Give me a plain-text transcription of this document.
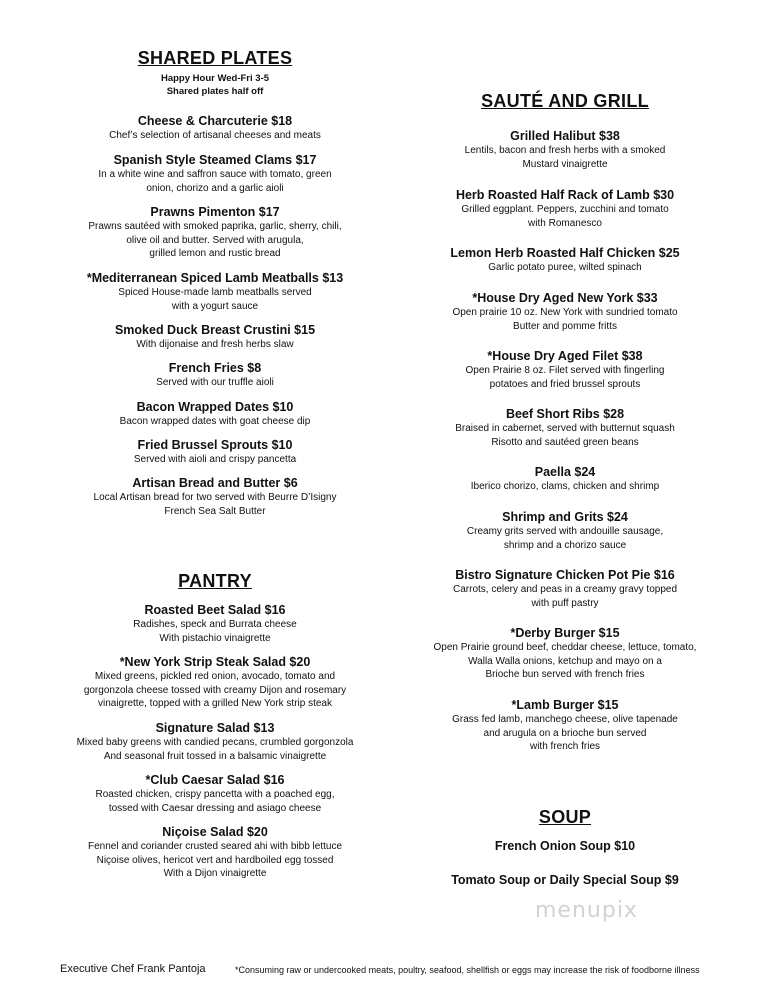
SHARED PLATES
Happy Hour Wed-Fri 3-5
Shared plates half off
Cheese & Charcuterie $18
Chef’s selection of artisanal cheeses and meats
Spanish Style Steamed Clams $17
In a white wine and saffron sauce with tomato, green
onion, chorizo and a garlic aioli
Prawns Pimenton $17
Prawns sautéed with smoked paprika, garlic, sherry, chili,
olive oil and butter. Served with arugula,
grilled lemon and rustic bread
*Mediterranean Spiced Lamb Meatballs $13
Spiced House-made lamb meatballs served
with a yogurt sauce
Smoked Duck Breast Crustini $15
With dijonaise and fresh herbs slaw
French Fries $8
Served with our truffle aioli
Bacon Wrapped Dates $10
Bacon wrapped dates with goat cheese dip
Fried Brussel Sprouts $10
Served with aioli and crispy pancetta
Artisan Bread and Butter $6
Local Artisan bread for two served with Beurre D’Isigny
French Sea Salt Butter
PANTRY
Roasted Beet Salad $16
Radishes, speck and Burrata cheese
With pistachio vinaigrette
*New York Strip Steak Salad $20
Mixed greens, pickled red onion, avocado, tomato and
gorgonzola cheese tossed with creamy Dijon and rosemary
vinaigrette, topped with a grilled New York strip steak
Signature Salad $13
Mixed baby greens with candied pecans, crumbled gorgonzola
And seasonal fruit tossed in a balsamic vinaigrette
*Club Caesar Salad $16
Roasted chicken, crispy pancetta with a poached egg,
tossed with Caesar dressing and asiago cheese
Niçoise Salad $20
Fennel and coriander crusted seared ahi with bibb lettuce
Niçoise olives, hericot vert and hardboiled egg tossed
With a Dijon vinaigrette
SAUTÉ AND GRILL
Grilled Halibut $38
Lentils, bacon and fresh herbs with a smoked
Mustard vinaigrette
Herb Roasted Half Rack of Lamb $30
Grilled eggplant. Peppers, zucchini and tomato
with Romanesco
Lemon Herb Roasted Half Chicken $25
Garlic potato puree, wilted spinach
*House Dry Aged New York $33
Open prairie 10 oz. New York with sundried tomato
Butter and pomme fritts
*House Dry Aged Filet $38
Open Prairie 8 oz. Filet served with fingerling
potatoes and fried brussel sprouts
Beef Short Ribs $28
Braised in cabernet, served with butternut squash
Risotto and sautéed green beans
Paella $24
Iberico chorizo, clams, chicken and shrimp
Shrimp and Grits $24
Creamy grits served with andouille sausage,
shrimp and a chorizo sauce
Bistro Signature Chicken Pot Pie $16
Carrots, celery and peas in a creamy gravy topped
with puff pastry
*Derby Burger $15
Open Prairie ground beef, cheddar cheese, lettuce, tomato,
Walla Walla onions, ketchup and mayo on a
Brioche bun served with french fries
*Lamb Burger $15
Grass fed lamb, manchego cheese, olive tapenade
and arugula on a brioche bun served
with french fries
SOUP
French Onion Soup $10
Tomato Soup or Daily Special Soup $9
menupix
Executive Chef Frank Pantoja	*Consuming raw or undercooked meats, poultry, seafood, shellfish or eggs may increase the risk of foodborne illness
